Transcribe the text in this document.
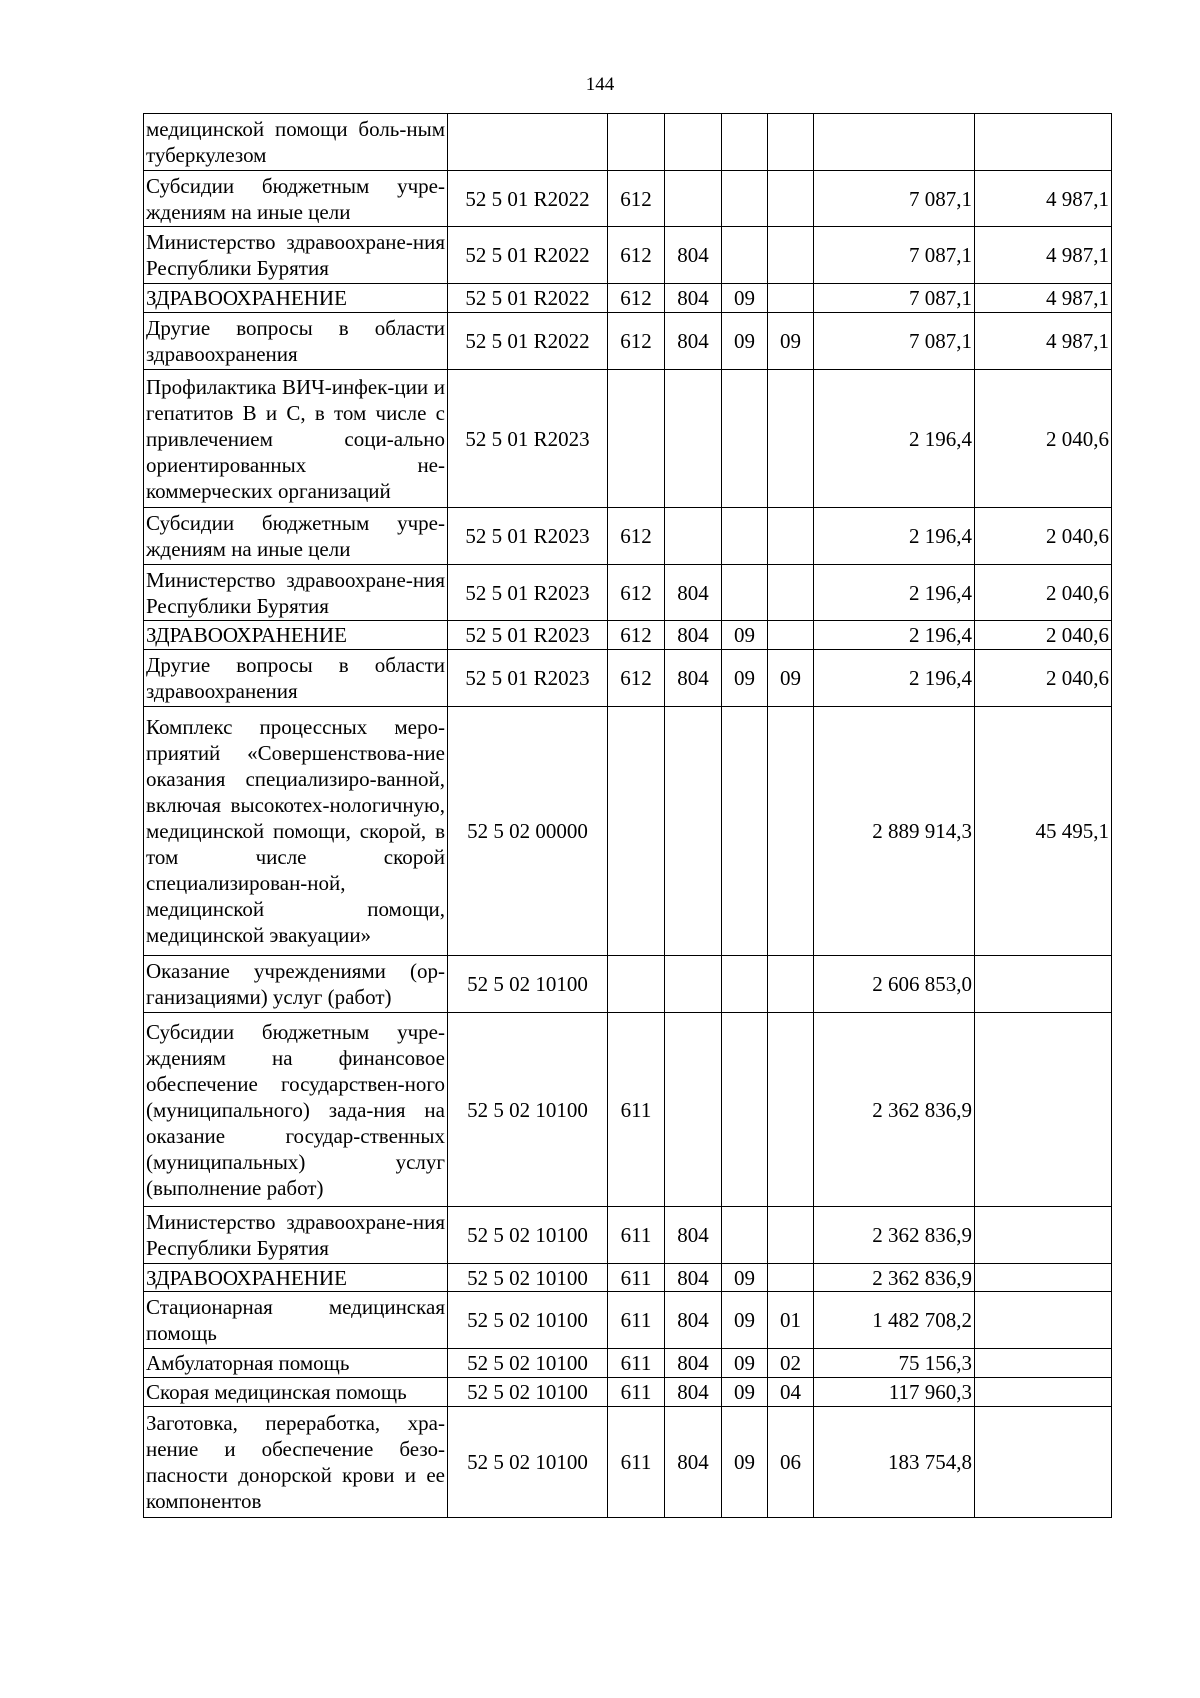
144
медицинской помощи боль-ным туберкулезом							
Субсидии бюджетным учре-ждениям на иные цели	52 5 01 R2022	612				7 087,1	4 987,1
Министерство здравоохране-ния Республики Бурятия	52 5 01 R2022	612	804			7 087,1	4 987,1
ЗДРАВООХРАНЕНИЕ	52 5 01 R2022	612	804	09		7 087,1	4 987,1
Другие вопросы в области здравоохранения	52 5 01 R2022	612	804	09	09	7 087,1	4 987,1
Профилактика ВИЧ-инфек-ции и гепатитов B и C, в том числе с привлечением соци-ально ориентированных не-коммерческих организаций	52 5 01 R2023					2 196,4	2 040,6
Субсидии бюджетным учре-ждениям на иные цели	52 5 01 R2023	612				2 196,4	2 040,6
Министерство здравоохране-ния Республики Бурятия	52 5 01 R2023	612	804			2 196,4	2 040,6
ЗДРАВООХРАНЕНИЕ	52 5 01 R2023	612	804	09		2 196,4	2 040,6
Другие вопросы в области здравоохранения	52 5 01 R2023	612	804	09	09	2 196,4	2 040,6
Комплекс процессных меро-приятий «Совершенствова-ние оказания специализиро-ванной, включая высокотех-нологичную, медицинской помощи, скорой, в том числе скорой специализирован-ной, медицинской помощи, медицинской эвакуации»	52 5 02 00000					2 889 914,3	45 495,1
Оказание учреждениями (ор-ганизациями) услуг (работ)	52 5 02 10100					2 606 853,0	
Субсидии бюджетным учре-ждениям на финансовое обеспечение государствен-ного (муниципального) зада-ния на оказание государ-ственных (муниципальных) услуг (выполнение работ)	52 5 02 10100	611				2 362 836,9	
Министерство здравоохране-ния Республики Бурятия	52 5 02 10100	611	804			2 362 836,9	
ЗДРАВООХРАНЕНИЕ	52 5 02 10100	611	804	09		2 362 836,9	
Стационарная медицинская помощь	52 5 02 10100	611	804	09	01	1 482 708,2	
Амбулаторная помощь	52 5 02 10100	611	804	09	02	75 156,3	
Скорая медицинская помощь	52 5 02 10100	611	804	09	04	117 960,3	
Заготовка, переработка, хра-нение и обеспечение безо-пасности донорской крови и ее компонентов	52 5 02 10100	611	804	09	06	183 754,8	
